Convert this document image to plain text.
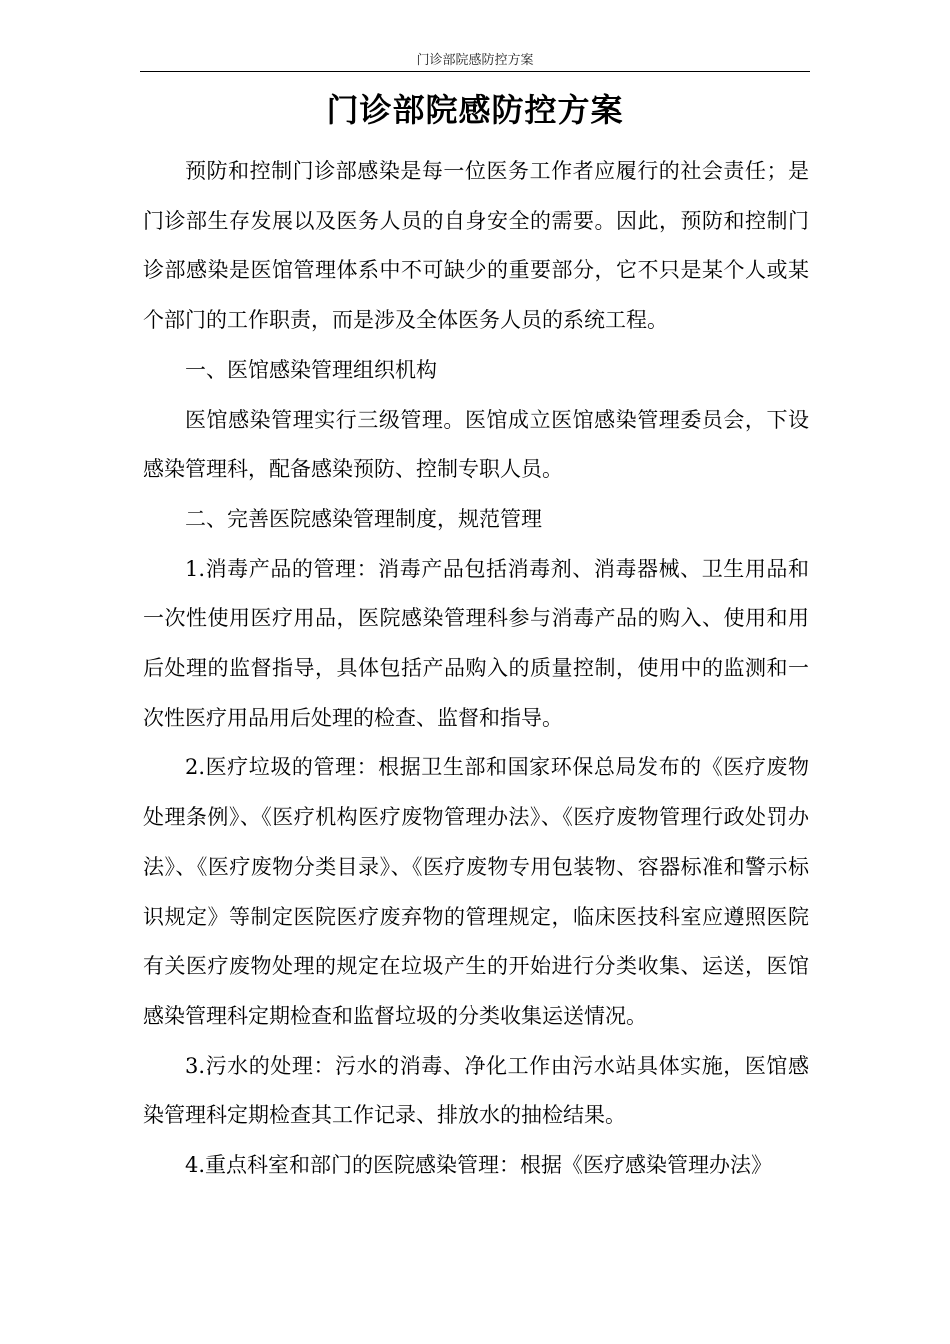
门诊部院感防控方案
门诊部院感防控方案

预防和控制门诊部感染是每一位医务工作者应履行的社会责任；是门诊部生存发展以及医务人员的自身安全的需要。因此，预防和控制门诊部感染是医馆管理体系中不可缺少的重要部分，它不只是某个人或某个部门的工作职责，而是涉及全体医务人员的系统工程。

一、医馆感染管理组织机构

医馆感染管理实行三级管理。医馆成立医馆感染管理委员会，下设感染管理科，配备感染预防、控制专职人员。

二、完善医院感染管理制度，规范管理

1.消毒产品的管理：消毒产品包括消毒剂、消毒器械、卫生用品和一次性使用医疗用品，医院感染管理科参与消毒产品的购入、使用和用后处理的监督指导，具体包括产品购入的质量控制，使用中的监测和一次性医疗用品用后处理的检查、监督和指导。

2.医疗垃圾的管理：根据卫生部和国家环保总局发布的《医疗废物处理条例》、《医疗机构医疗废物管理办法》、《医疗废物管理行政处罚办法》、《医疗废物分类目录》、《医疗废物专用包装物、容器标准和警示标识规定》等制定医院医疗废弃物的管理规定，临床医技科室应遵照医院有关医疗废物处理的规定在垃圾产生的开始进行分类收集、运送，医馆感染管理科定期检查和监督垃圾的分类收集运送情况。

3.污水的处理：污水的消毒、净化工作由污水站具体实施，医馆感染管理科定期检查其工作记录、排放水的抽检结果。

4.重点科室和部门的医院感染管理：根据《医疗感染管理办法》
